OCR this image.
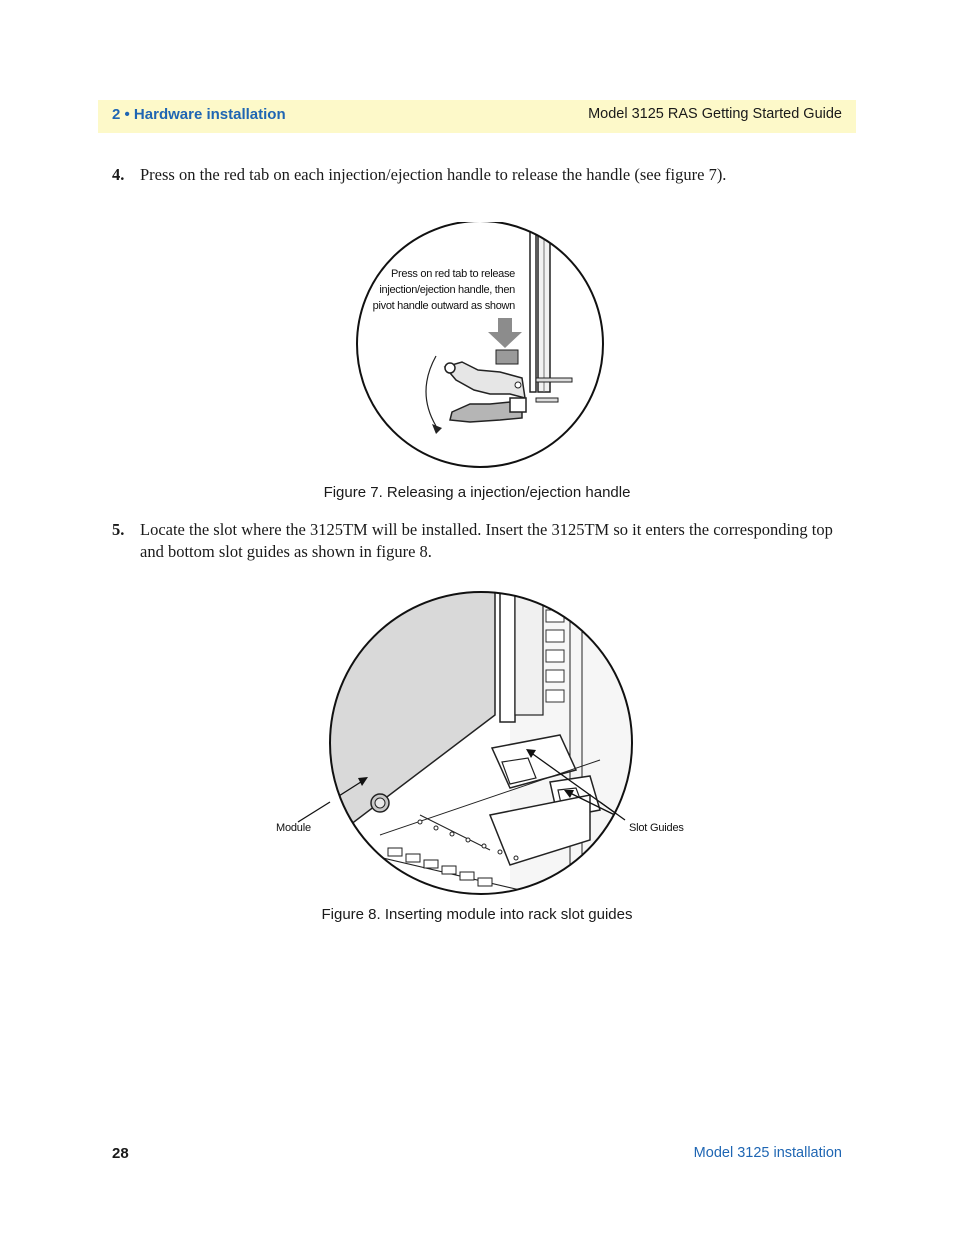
2 • Hardware installation	Model 3125 RAS Getting Started Guide
4. Press on the red tab on each injection/ejection handle to release the handle (see figure 7).
Press on red tab to release
injection/ejection handle, then
pivot handle outward as shown
Figure 7. Releasing a injection/ejection handle
5. Locate the slot where the 3125TM will be installed. Insert the 3125TM so it enters the corresponding top and bottom slot guides as shown in figure 8.
Module	Slot Guides
Figure 8. Inserting module into rack slot guides
28	Model 3125 installation
